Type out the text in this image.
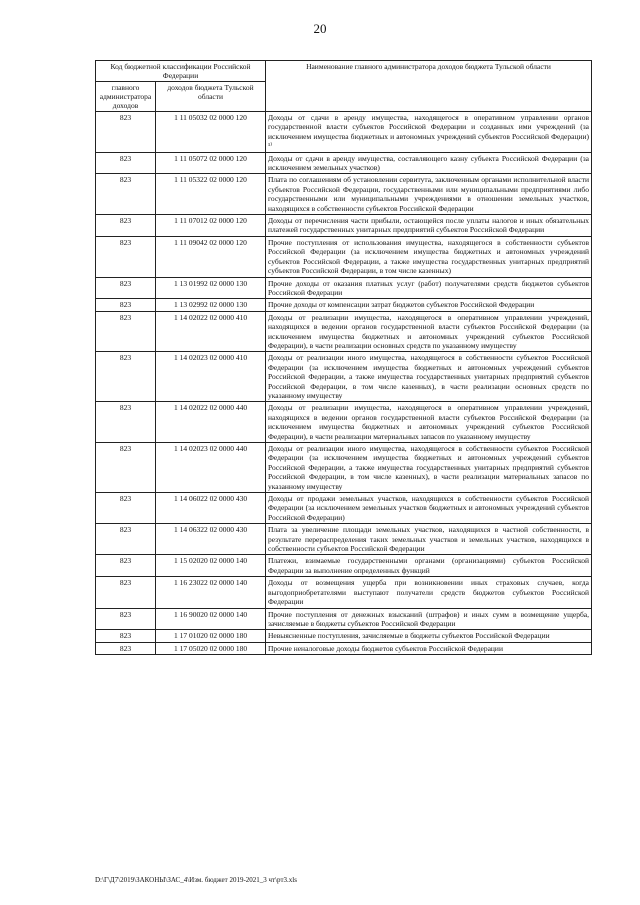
20
Код бюджетной классификации Российской Федерации		Наименование главного администратора доходов бюджета Тульской области
главного администратора доходов	доходов бюджета Тульской области	
823	1 11 05032 02 0000 120	Доходы от сдачи в аренду имущества, находящегося в оперативном управлении органов государственной власти субъектов Российской Федерации и созданных ими учреждений (за исключением имущества бюджетных и автономных учреждений субъектов Российской Федерации) ¹⁾
823	1 11 05072 02 0000 120	Доходы от сдачи в аренду имущества, составляющего казну субъекта Российской Федерации (за исключением земельных участков)
823	1 11 05322 02 0000 120	Плата по соглашениям об установлении сервитута, заключенным органами исполнительной власти субъектов Российской Федерации, государственными или муниципальными предприятиями либо государственными или муниципальными учреждениями в отношении земельных участков, находящихся в собственности субъектов Российской Федерации
823	1 11 07012 02 0000 120	Доходы от перечисления части прибыли, остающейся после уплаты налогов и иных обязательных платежей государственных унитарных предприятий субъектов Российской Федерации
823	1 11 09042 02 0000 120	Прочие поступления от использования имущества, находящегося в собственности субъектов Российской Федерации (за исключением имущества бюджетных и автономных учреждений субъектов Российской Федерации, а также имущества государственных унитарных предприятий субъектов Российской Федерации, в том числе казенных)
823	1 13 01992 02 0000 130	Прочие доходы от оказания платных услуг (работ) получателями средств бюджетов субъектов Российской Федерации
823	1 13 02992 02 0000 130	Прочие доходы от компенсации затрат бюджетов субъектов Российской Федерации
823	1 14 02022 02 0000 410	Доходы от реализации имущества, находящегося в оперативном управлении учреждений, находящихся в ведении органов государственной власти субъектов Российской Федерации (за исключением имущества бюджетных и автономных учреждений субъектов Российской Федерации), в части реализации основных средств по указанному имуществу
823	1 14 02023 02 0000 410	Доходы от реализации иного имущества, находящегося в собственности субъектов Российской Федерации (за исключением имущества бюджетных и автономных учреждений субъектов Российской Федерации, а также имущества государственных унитарных предприятий субъектов Российской Федерации, в том числе казенных), в части реализации основных средств по указанному имуществу
823	1 14 02022 02 0000 440	Доходы от реализации имущества, находящегося в оперативном управлении учреждений, находящихся в ведении органов государственной власти субъектов Российской Федерации (за исключением имущества бюджетных и автономных учреждений субъектов Российской Федерации), в части реализации материальных запасов по указанному имуществу
823	1 14 02023 02 0000 440	Доходы от реализации иного имущества, находящегося в собственности субъектов Российской Федерации (за исключением имущества бюджетных и автономных учреждений субъектов Российской Федерации, а также имущества государственных унитарных предприятий субъектов Российской Федерации, в том числе казенных), в части реализации материальных запасов по указанному имуществу
823	1 14 06022 02 0000 430	Доходы от продажи земельных участков, находящихся в собственности субъектов Российской Федерации (за исключением земельных участков бюджетных и автономных учреждений субъектов Российской Федерации)
823	1 14 06322 02 0000 430	Плата за увеличение площади земельных участков, находящихся в частной собственности, в результате перераспределения таких земельных участков и земельных участков, находящихся в собственности субъектов Российской Федерации
823	1 15 02020 02 0000 140	Платежи, взимаемые государственными органами (организациями) субъектов Российской Федерации за выполнение определенных функций
823	1 16 23022 02 0000 140	Доходы от возмещения ущерба при возникновении иных страховых случаев, когда выгодоприобретателями выступают получатели средств бюджетов субъектов Российской Федерации
823	1 16 90020 02 0000 140	Прочие поступления от денежных взысканий (штрафов) и иных сумм в возмещение ущерба, зачисляемые в бюджеты субъектов Российской Федерации
823	1 17 01020 02 0000 180	Невыясненные поступления, зачисляемые в бюджеты субъектов Российской Федерации
823	1 17 05020 02 0000 180	Прочие неналоговые доходы бюджетов субъектов Российской Федерации
D:\Г\Д7\2019\ЗАКОНЫ\ЗАС_4\Изм. бюджет 2019-2021_3 чт\рт3.xls
